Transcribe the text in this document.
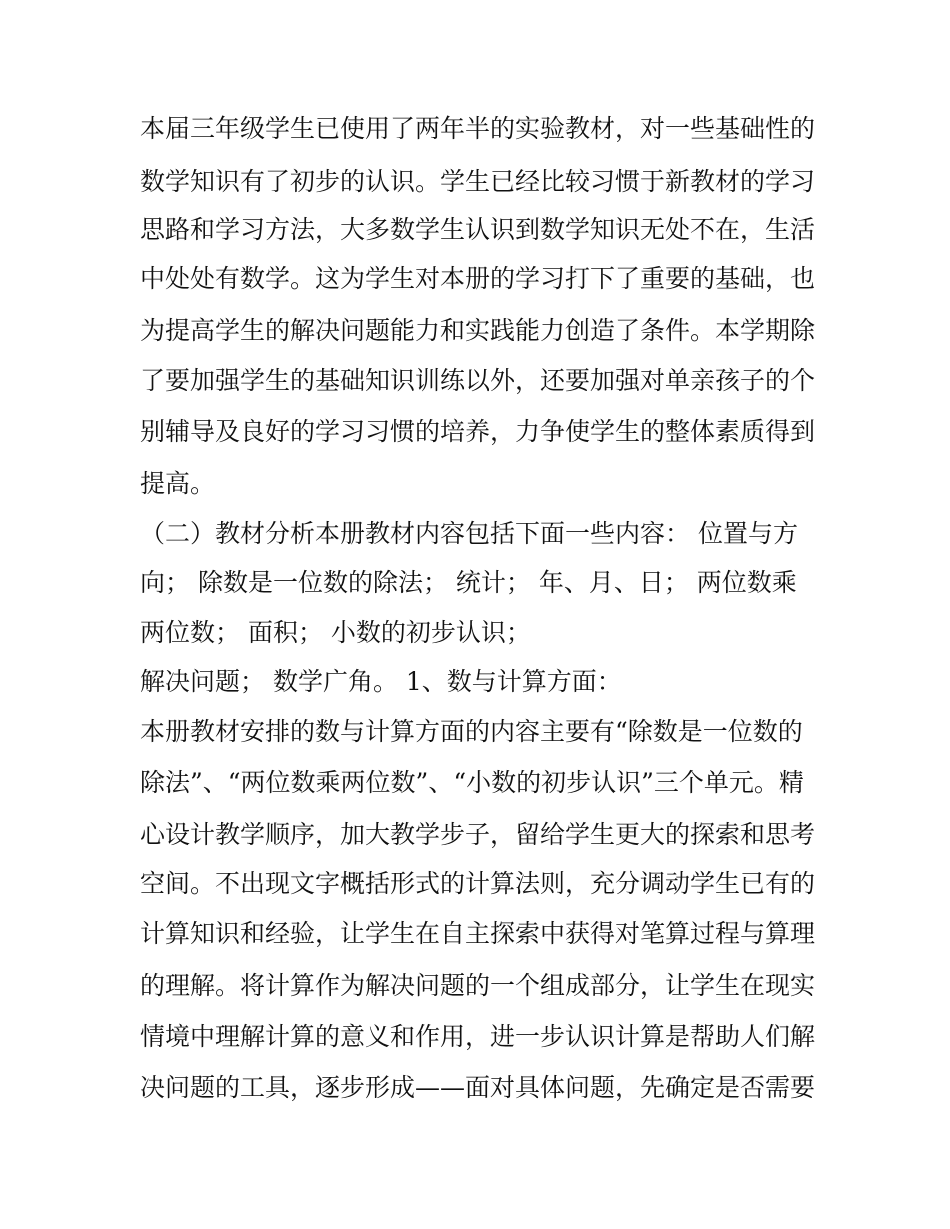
本届三年级学生已使用了两年半的实验教材，对一些基础性的
数学知识有了初步的认识。学生已经比较习惯于新教材的学习
思路和学习方法，大多数学生认识到数学知识无处不在，生活
中处处有数学。这为学生对本册的学习打下了重要的基础，也
为提高学生的解决问题能力和实践能力创造了条件。本学期除
了要加强学生的基础知识训练以外，还要加强对单亲孩子的个
别辅导及良好的学习习惯的培养，力争使学生的整体素质得到
提高。
（二）教材分析本册教材内容包括下面一些内容： 位置与方
向； 除数是一位数的除法； 统计； 年、月、日； 两位数乘
两位数； 面积； 小数的初步认识；
解决问题； 数学广角。 1、数与计算方面：
本册教材安排的数与计算方面的内容主要有“除数是一位数的
除法”、“两位数乘两位数”、“小数的初步认识”三个单元。精
心设计教学顺序，加大教学步子，留给学生更大的探索和思考
空间。不出现文字概括形式的计算法则，充分调动学生已有的
计算知识和经验，让学生在自主探索中获得对笔算过程与算理
的理解。将计算作为解决问题的一个组成部分，让学生在现实
情境中理解计算的意义和作用，进一步认识计算是帮助人们解
决问题的工具，逐步形成——面对具体问题，先确定是否需要
